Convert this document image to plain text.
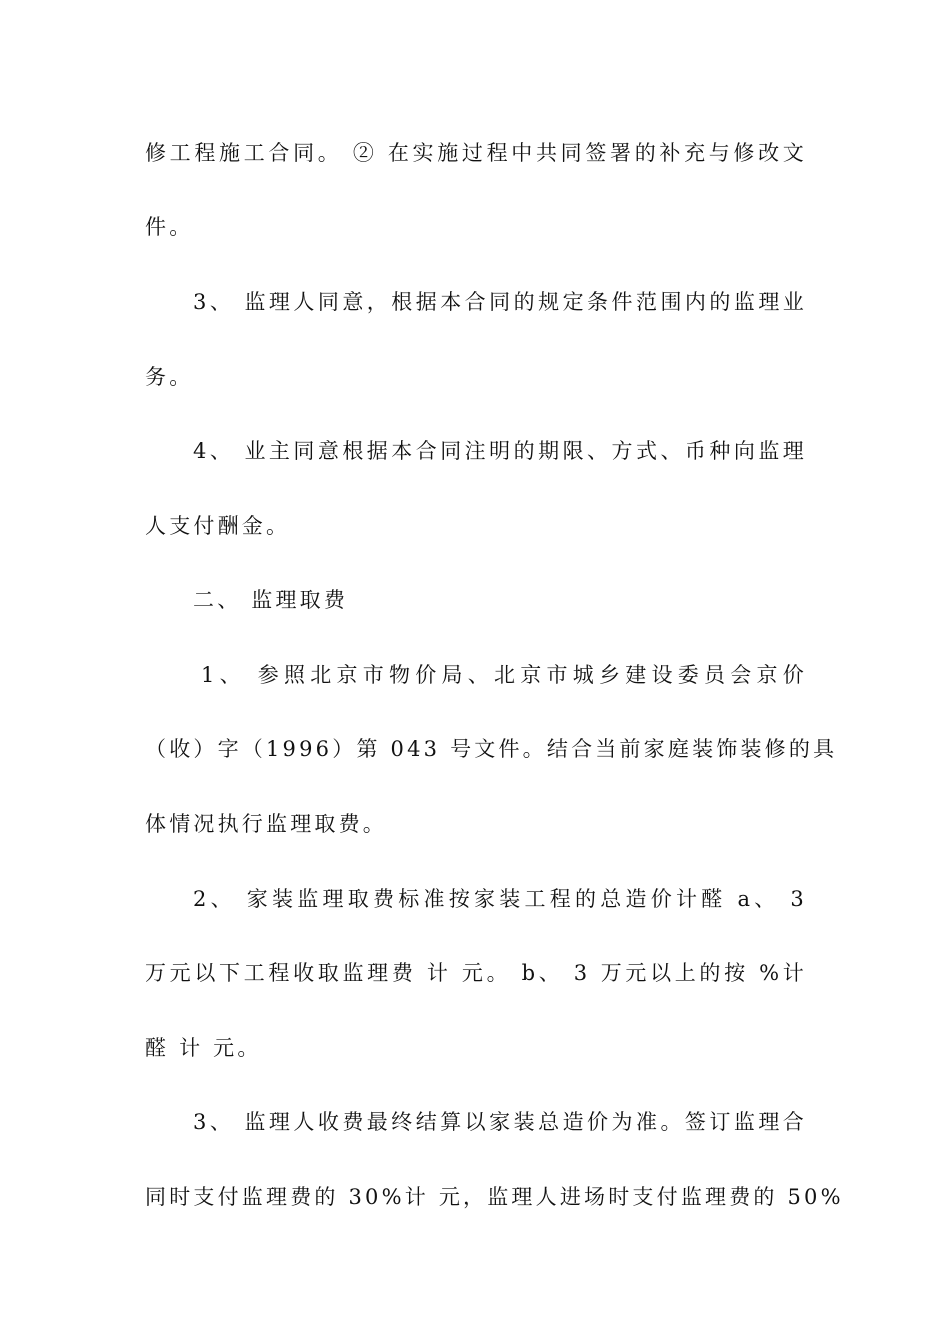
修工程施工合同。 ② 在实施过程中共同签署的补充与修改文
件。
3、 监理人同意，根据本合同的规定条件范围内的监理业
务。
4、 业主同意根据本合同注明的期限、方式、币种向监理
人支付酬金。
二、 监理取费
1、 参照北京市物价局、北京市城乡建设委员会京价
（收）字（1996）第 043 号文件。结合当前家庭装饰装修的具
体情况执行监理取费。
2、 家装监理取费标准按家装工程的总造价计醛 a、 3
万元以下工程收取监理费 计 元。 b、 3 万元以上的按 %计
醛 计 元。
3、 监理人收费最终结算以家装总造价为准。签订监理合
同时支付监理费的 30%计 元，监理人进场时支付监理费的 50%
